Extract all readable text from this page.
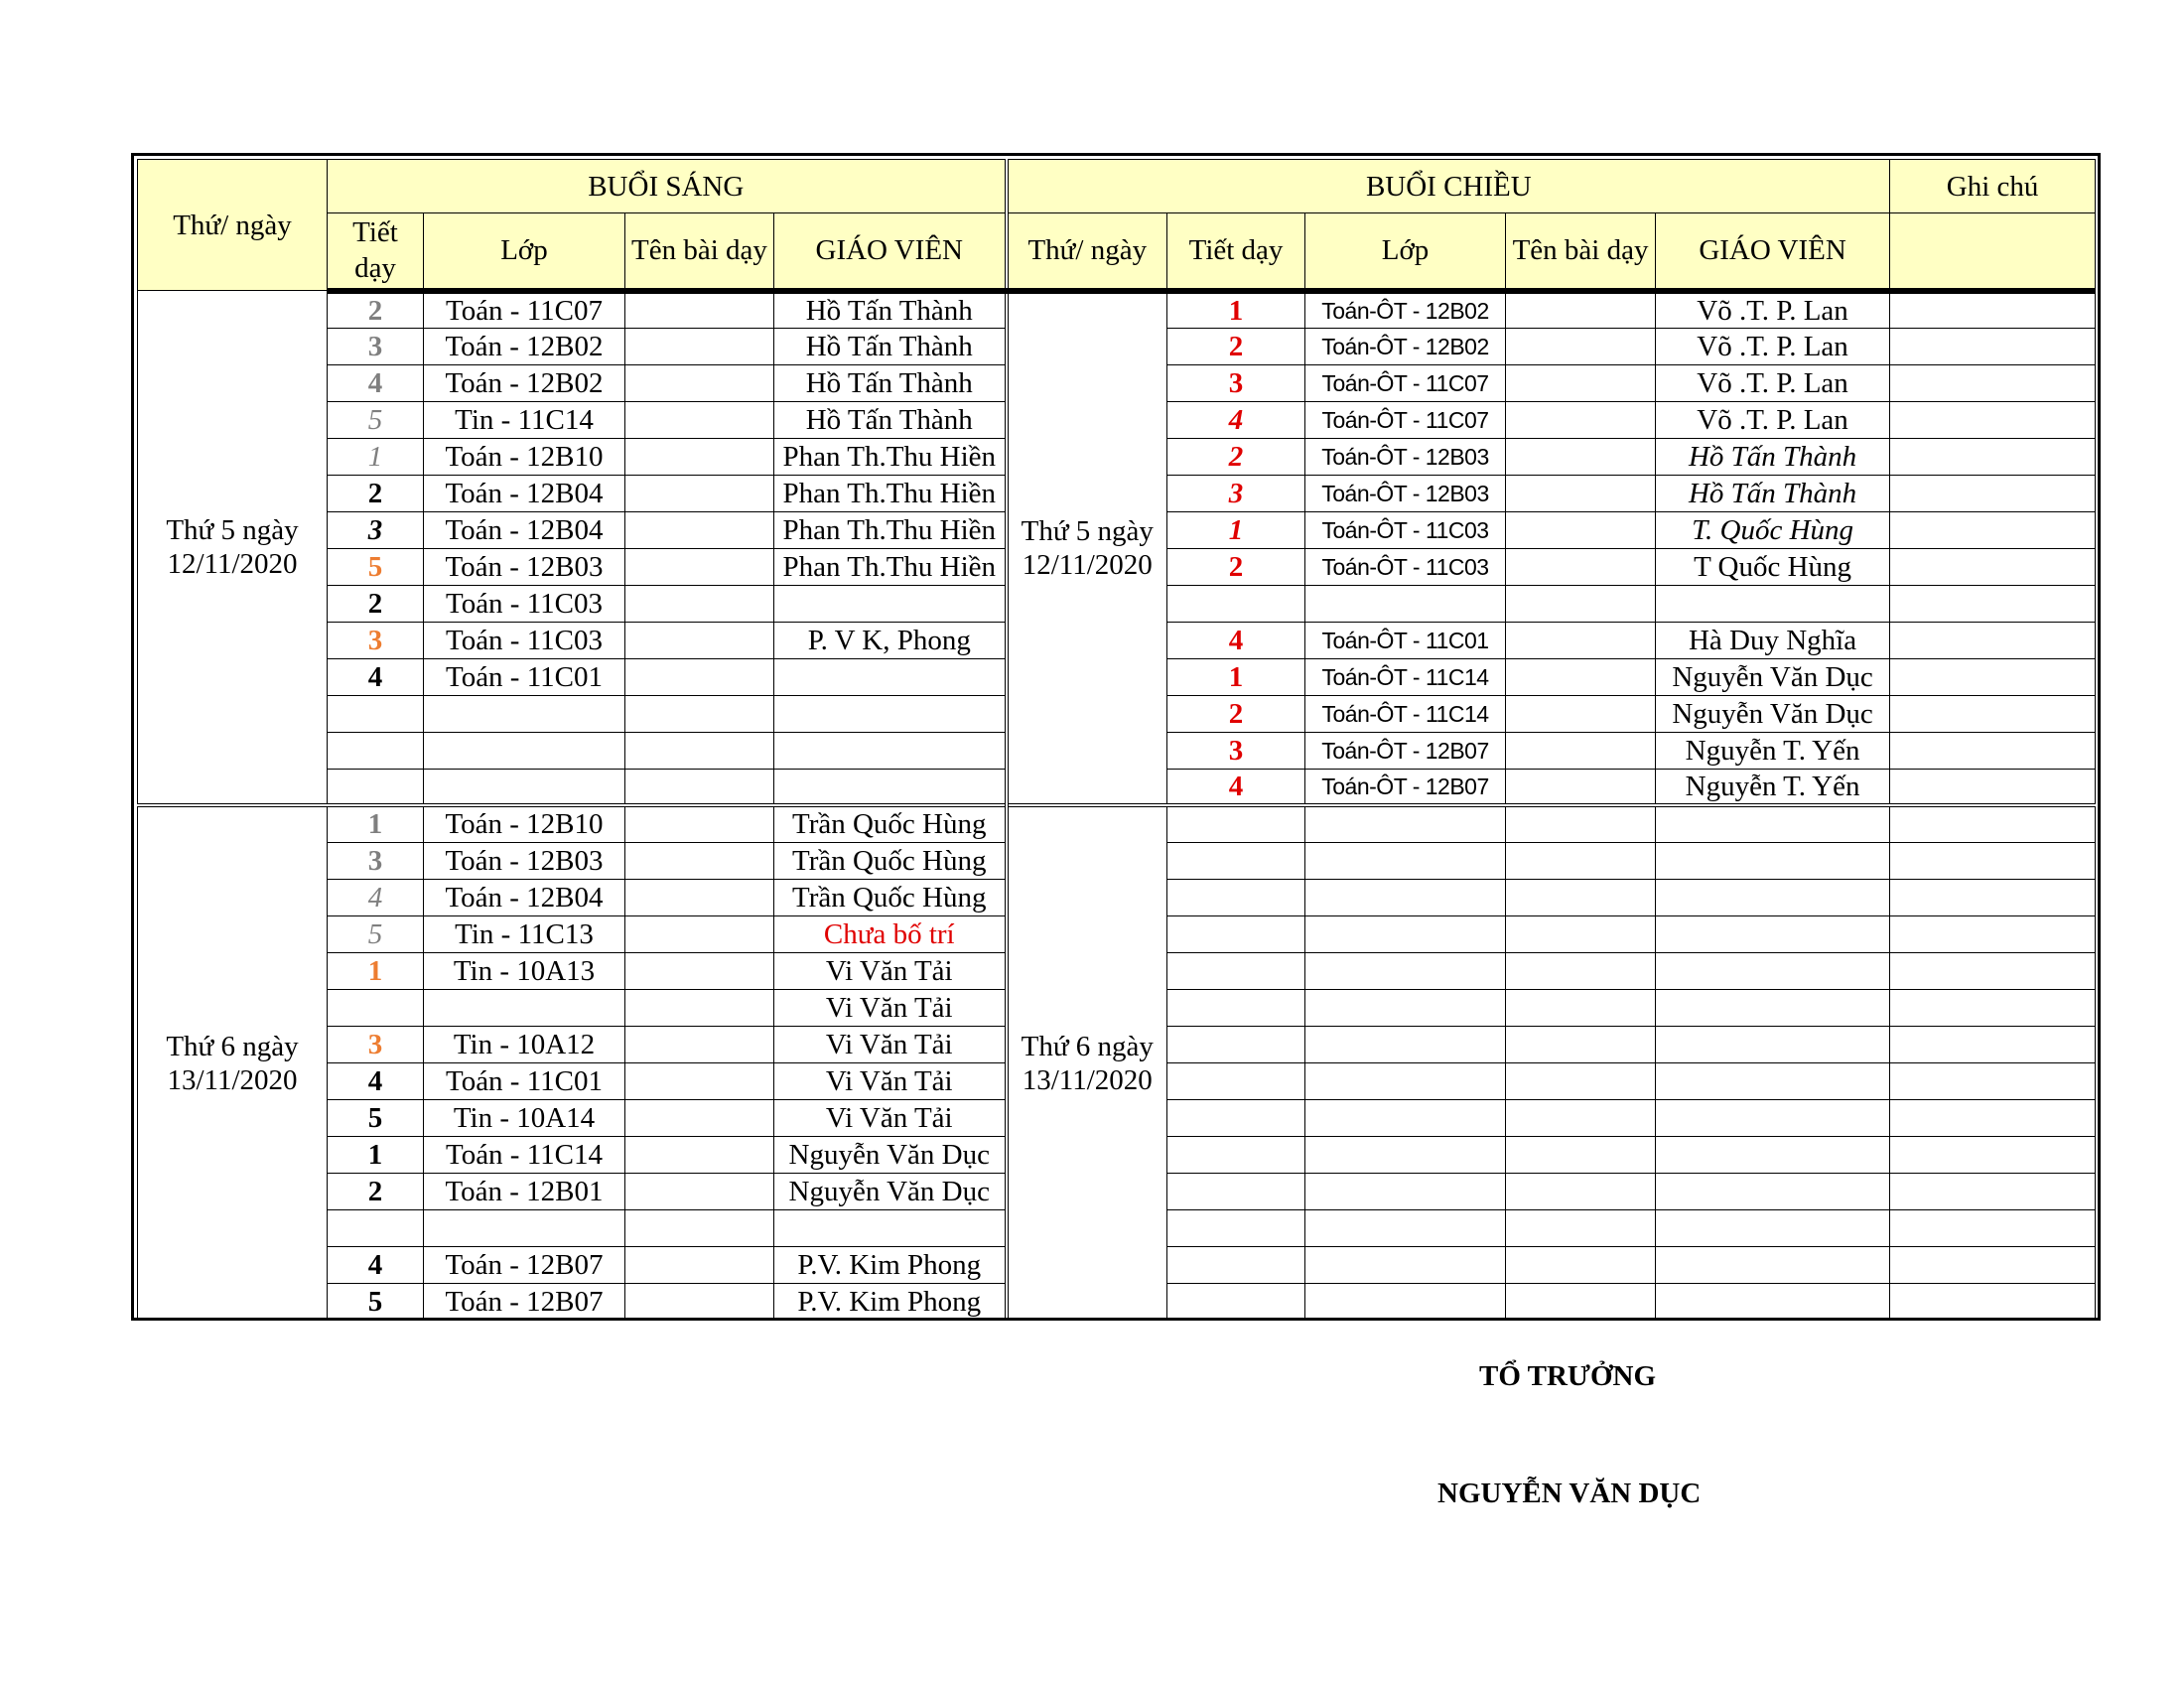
Thứ/ ngày	BUỔI SÁNG				BUỔI CHIỀU					Ghi chú
	Tiết dạy	Lớp	Tên bài dạy	GIÁO VIÊN	Thứ/ ngày	Tiết dạy	Lớp	Tên bài dạy	GIÁO VIÊN	
Thứ 5 ngày 12/11/2020	2	Toán - 11C07		Hồ Tấn Thành	Thứ 5 ngày 12/11/2020	1	Toán-ÔT - 12B02		Võ .T. P. Lan	
	3	Toán - 12B02		Hồ Tấn Thành		2	Toán-ÔT - 12B02		Võ .T. P. Lan	
	4	Toán - 12B02		Hồ Tấn Thành		3	Toán-ÔT - 11C07		Võ .T. P. Lan	
	5	Tin - 11C14		Hồ Tấn Thành		4	Toán-ÔT - 11C07		Võ .T. P. Lan	
	1	Toán - 12B10		Phan Th.Thu Hiền		2	Toán-ÔT - 12B03		Hồ Tấn Thành	
	2	Toán - 12B04		Phan Th.Thu Hiền		3	Toán-ÔT - 12B03		Hồ Tấn Thành	
	3	Toán - 12B04		Phan Th.Thu Hiền		1	Toán-ÔT - 11C03		T. Quốc Hùng	
	5	Toán - 12B03		Phan Th.Thu Hiền		2	Toán-ÔT - 11C03		T Quốc Hùng	
	2	Toán - 11C03								
	3	Toán - 11C03		P. V K, Phong		4	Toán-ÔT - 11C01		Hà Duy Nghĩa	
	4	Toán - 11C01				1	Toán-ÔT - 11C14		Nguyễn Văn Dục	
						2	Toán-ÔT - 11C14		Nguyễn Văn Dục	
						3	Toán-ÔT - 12B07		Nguyễn T. Yến	
						4	Toán-ÔT - 12B07		Nguyễn T. Yến	
Thứ 6 ngày 13/11/2020	1	Toán - 12B10		Trần Quốc Hùng	Thứ 6 ngày 13/11/2020					
	3	Toán - 12B03		Trần Quốc Hùng						
	4	Toán - 12B04		Trần Quốc Hùng						
	5	Tin - 11C13		Chưa bố trí						
	1	Tin - 10A13		Vi Văn Tải						
				Vi Văn Tải						
	3	Tin - 10A12		Vi Văn Tải						
	4	Toán - 11C01		Vi Văn Tải						
	5	Tin - 10A14		Vi Văn Tải						
	1	Toán - 11C14		Nguyễn Văn Dục						
	2	Toán - 12B01		Nguyễn Văn Dục						

	4	Toán - 12B07		P.V. Kim Phong						
	5	Toán - 12B07		P.V. Kim Phong						
TỔ TRƯỞNG
NGUYỄN VĂN DỤC
